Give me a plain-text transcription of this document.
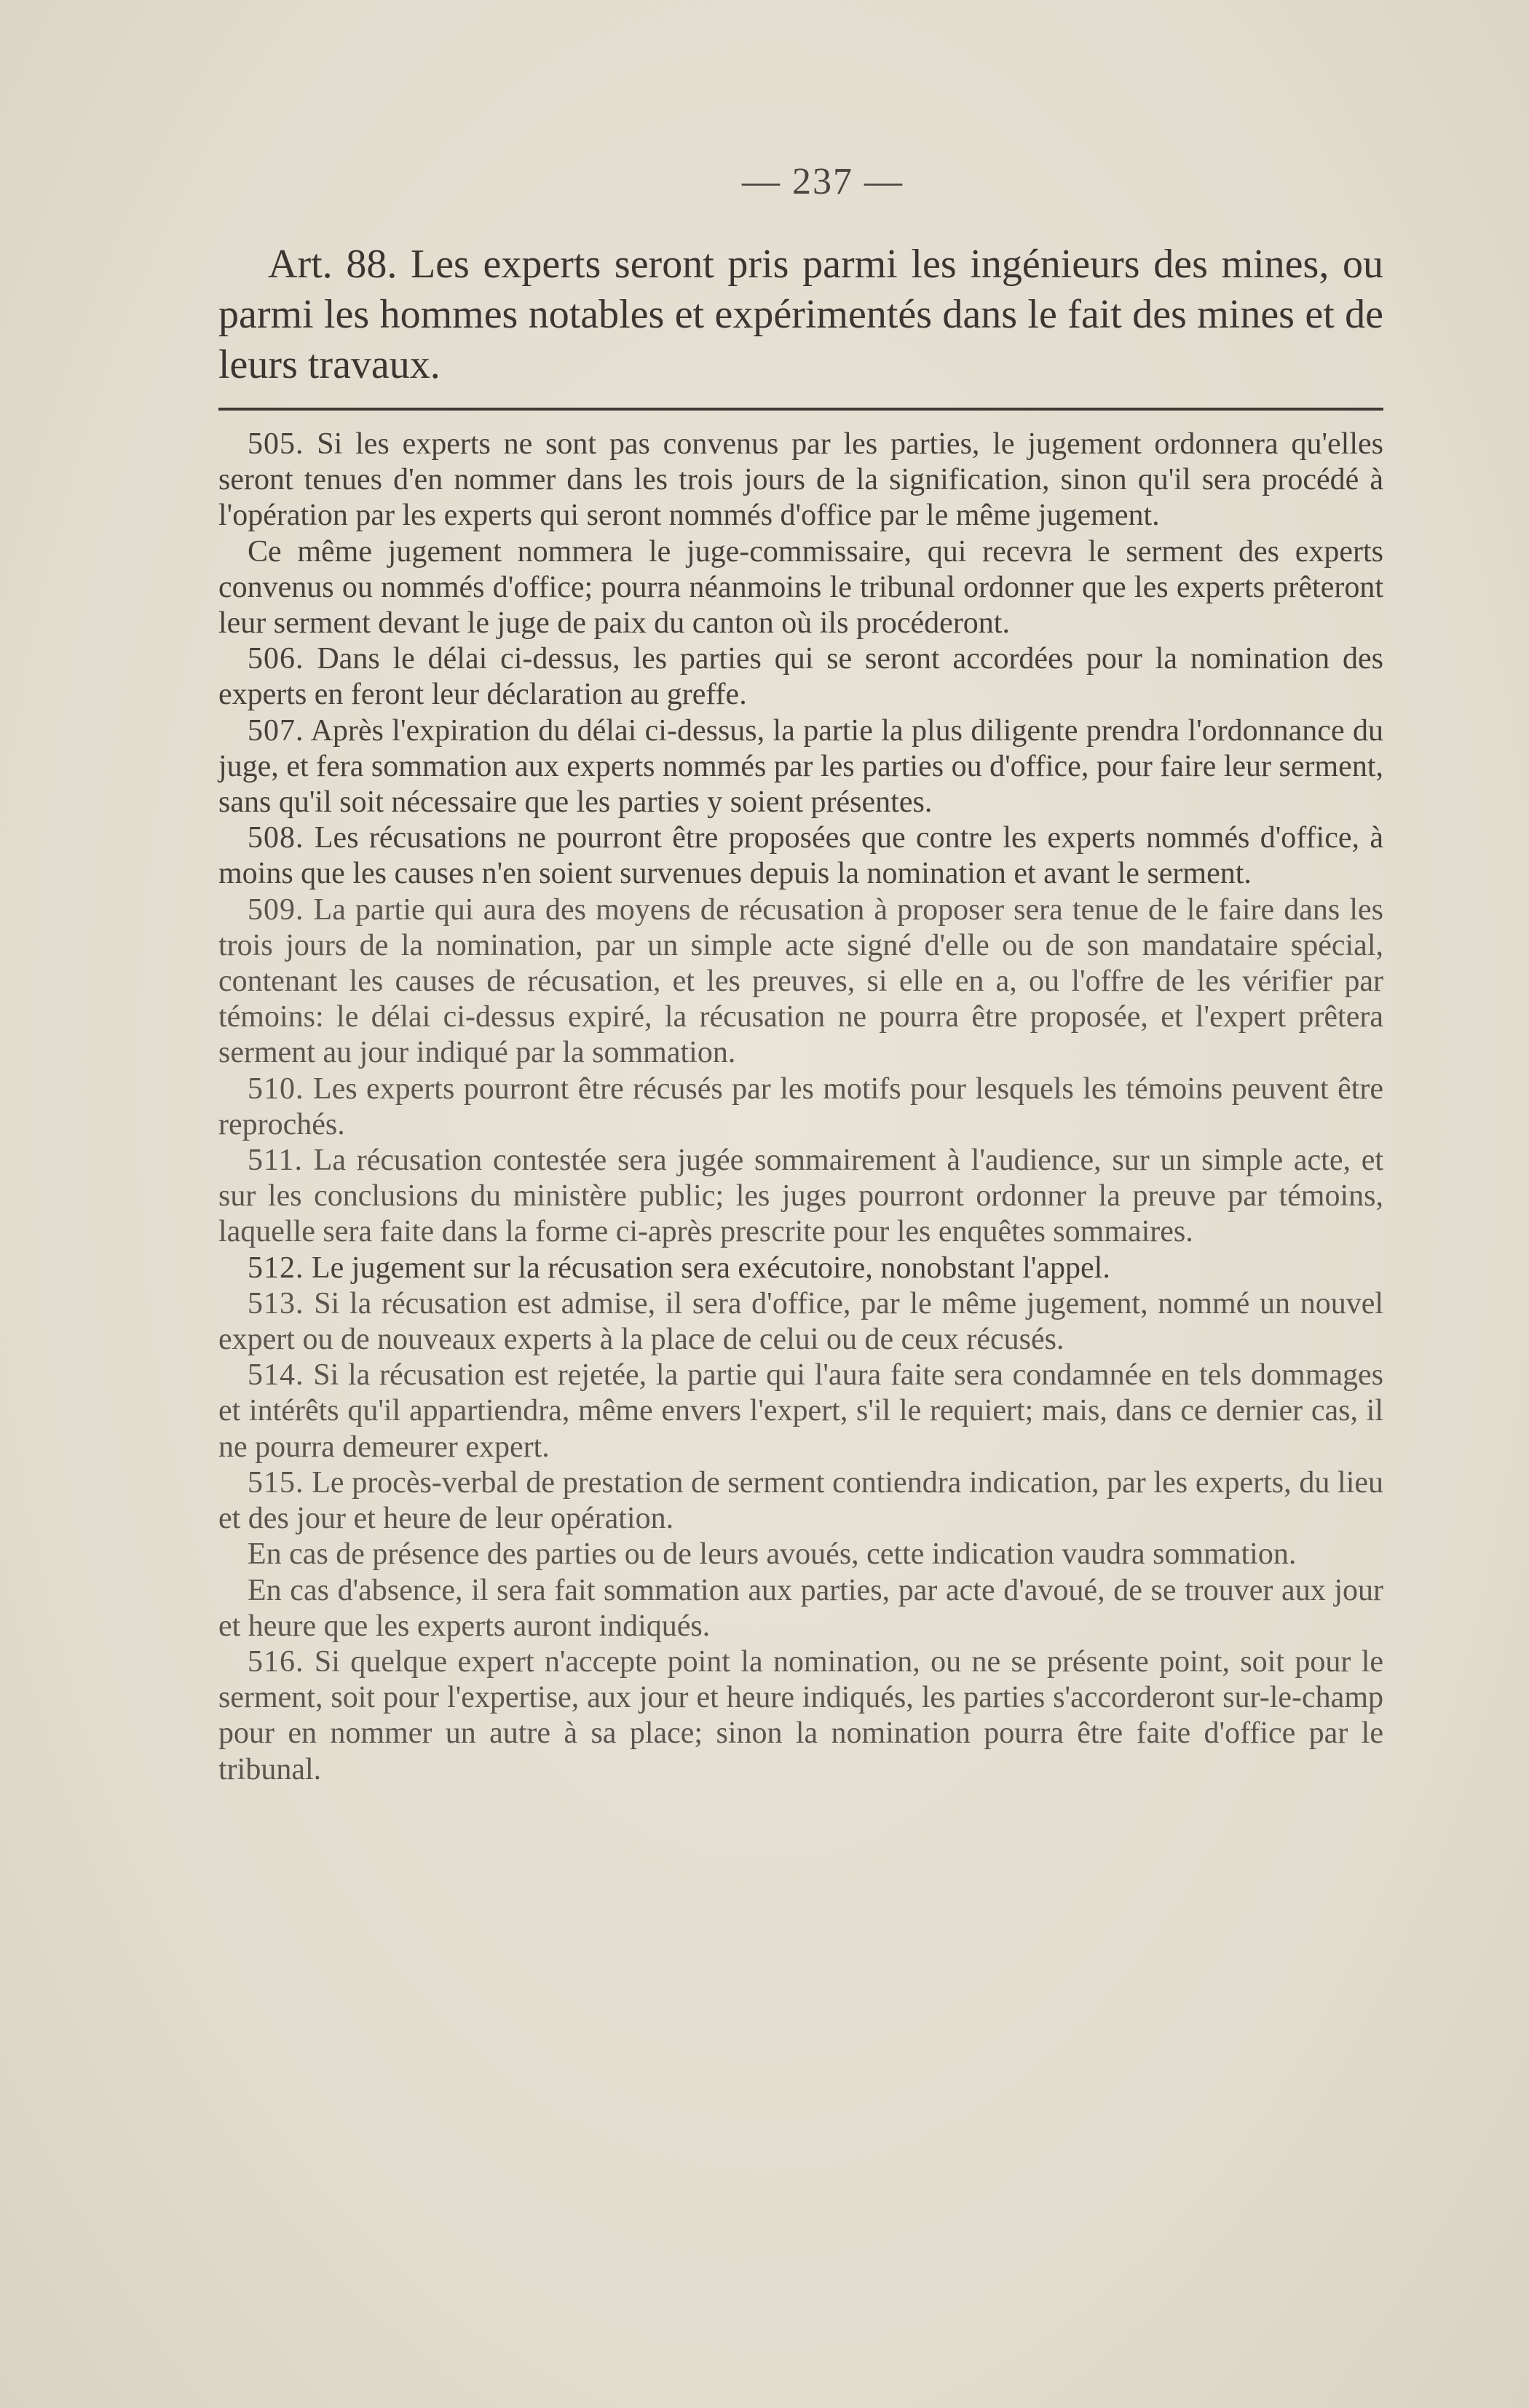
— 237 —

Art. 88. Les experts seront pris parmi les ingénieurs des mines, ou parmi les hommes notables et expérimentés dans le fait des mines et de leurs travaux.

505. Si les experts ne sont pas convenus par les parties, le jugement ordonnera qu'elles seront tenues d'en nommer dans les trois jours de la signification, sinon qu'il sera procédé à l'opération par les experts qui seront nommés d'office par le même jugement.

Ce même jugement nommera le juge-commissaire, qui recevra le serment des experts convenus ou nommés d'office; pourra néanmoins le tribunal ordonner que les experts prêteront leur serment devant le juge de paix du canton où ils procéderont.

506. Dans le délai ci-dessus, les parties qui se seront accordées pour la nomination des experts en feront leur déclaration au greffe.

507. Après l'expiration du délai ci-dessus, la partie la plus diligente prendra l'ordonnance du juge, et fera sommation aux experts nommés par les parties ou d'office, pour faire leur serment, sans qu'il soit nécessaire que les parties y soient présentes.

508. Les récusations ne pourront être proposées que contre les experts nommés d'office, à moins que les causes n'en soient survenues depuis la nomination et avant le serment.

509. La partie qui aura des moyens de récusation à proposer sera tenue de le faire dans les trois jours de la nomination, par un simple acte signé d'elle ou de son mandataire spécial, contenant les causes de récusation, et les preuves, si elle en a, ou l'offre de les vérifier par témoins: le délai ci-dessus expiré, la récusation ne pourra être proposée, et l'expert prêtera serment au jour indiqué par la sommation.

510. Les experts pourront être récusés par les motifs pour lesquels les témoins peuvent être reprochés.

511. La récusation contestée sera jugée sommairement à l'audience, sur un simple acte, et sur les conclusions du ministère public; les juges pourront ordonner la preuve par témoins, laquelle sera faite dans la forme ci-après prescrite pour les enquêtes sommaires.

512. Le jugement sur la récusation sera exécutoire, nonobstant l'appel.

513. Si la récusation est admise, il sera d'office, par le même jugement, nommé un nouvel expert ou de nouveaux experts à la place de celui ou de ceux récusés.

514. Si la récusation est rejetée, la partie qui l'aura faite sera condamnée en tels dommages et intérêts qu'il appartiendra, même envers l'expert, s'il le requiert; mais, dans ce dernier cas, il ne pourra demeurer expert.

515. Le procès-verbal de prestation de serment contiendra indication, par les experts, du lieu et des jour et heure de leur opération.

En cas de présence des parties ou de leurs avoués, cette indication vaudra sommation.

En cas d'absence, il sera fait sommation aux parties, par acte d'avoué, de se trouver aux jour et heure que les experts auront indiqués.

516. Si quelque expert n'accepte point la nomination, ou ne se présente point, soit pour le serment, soit pour l'expertise, aux jour et heure indiqués, les parties s'accorderont sur-le-champ pour en nommer un autre à sa place; sinon la nomination pourra être faite d'office par le tribunal.
